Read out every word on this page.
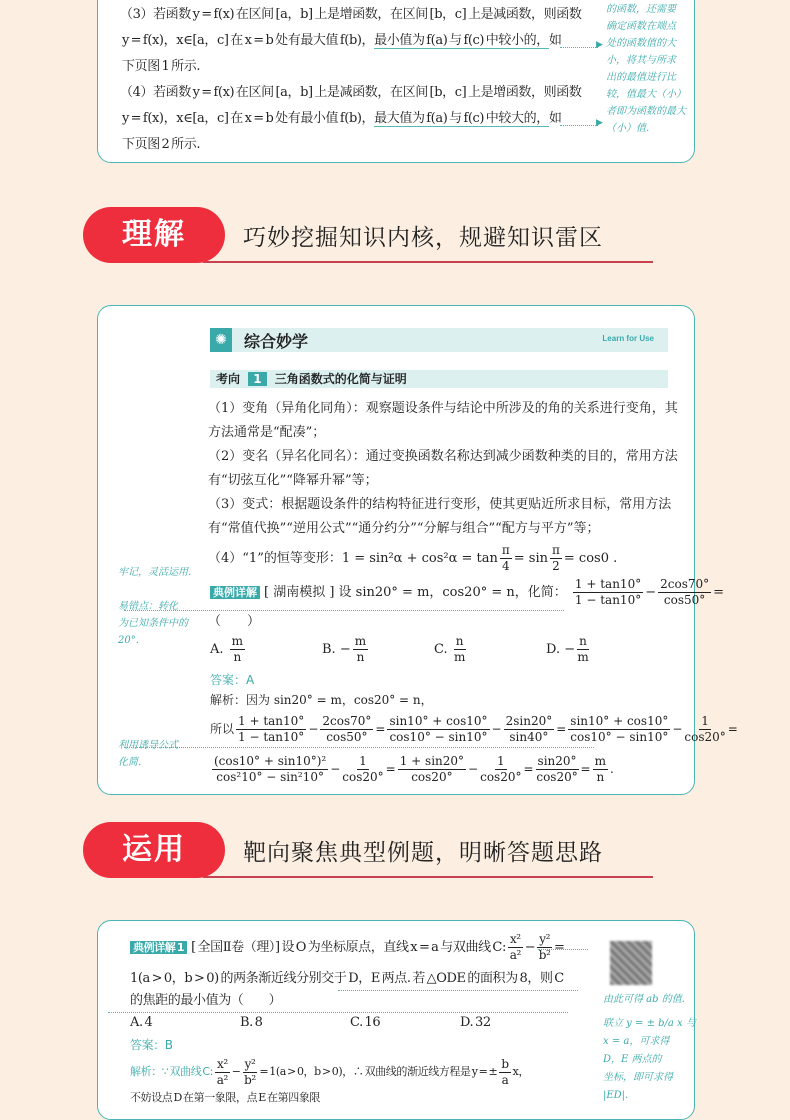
（3）若函数 y = f(x) 在区间 [a，b] 上是增函数，在区间 [b，c] 上是减函数，则函数
y = f(x)，x∈[a，c] 在 x = b 处有最大值 f(b)，最小值为 f(a) 与 f(c) 中较小的，如
下页图 1 所示.
（4）若函数 y = f(x) 在区间 [a，b] 上是减函数，在区间 [b，c] 上是增函数，则函数
y = f(x)，x∈[a，c] 在 x = b 处有最小值 f(b)，最大值为 f(a) 与 f(c) 中较大的，如
下页图 2 所示.
▶
▶
的函数，还需要
确定函数在端点
处的函数值的大
小，将其与所求
出的最值进行比
较，值最大（小）
者即为函数的最大
（小）值.
理解	巧妙挖掘知识内核，规避知识雷区
✺	综合妙学	Learn for Use
考向 1 三角函数式的化简与证明
（1）变角（异角化同角）：观察题设条件与结论中所涉及的角的关系进行变角，其
方法通常是“配凑”；
（2）变名（异名化同名）：通过变换函数名称达到减少函数种类的目的，常用方法
有“切弦互化”“降幂升幂”等；
（3）变式：根据题设条件的结构特征进行变形，使其更贴近所求目标，常用方法
有“常值代换”“逆用公式”“通分约分”“分解与组合”“配方与平方”等；
（4）“1”的恒等变形：$1 = \sin^2\alpha + \cos^2\alpha = \tan \frac{\pi}{4} = \sin \frac{\pi}{2} = \cos 0$ .
典例详解 [ 湖南模拟 ] 设 sin20° = m，cos20° = n，化简： $\frac{1 + \tan 10^\circ}{1 - \tan 10^\circ} - \frac{2\cos 70^\circ}{\cos 50^\circ}$ =
（　　）
A. $\frac{m}{n}$	B. − $\frac{m}{n}$	C. $\frac{n}{m}$	D. − $\frac{n}{m}$
答案：A
解析：因为 sin20° = m，cos20° = n，
所以 $\frac{1 + \tan 10^\circ}{1 - \tan 10^\circ} - \frac{2\cos 70^\circ}{\cos 50^\circ} = \frac{\sin 10^\circ + \cos 10^\circ}{\cos 10^\circ - \sin 10^\circ} - \frac{2\sin 20^\circ}{\sin 40^\circ} = \frac{\sin 10^\circ + \cos 10^\circ}{\cos 10^\circ - \sin 10^\circ} - \frac{1}{\cos 20^\circ}$ =
$\frac{\text{(cos10° + sin10°)²}}{\text{cos²10° − sin²10°}} - \frac{1}{\cos 20^\circ} = \frac{1 + \sin 20^\circ}{\cos 20^\circ} - \frac{1}{\cos 20^\circ} = \frac{\sin 20^\circ}{\cos 20^\circ} = \frac{m}{n}$ .
牢记，灵活运用.
易错点：转化
为已知条件中的
20°.
利用诱导公式
化简.
运用	靶向聚焦典型例题，明晰答题思路
典例详解 1 [ 全国Ⅱ卷（理）] 设 O 为坐标原点，直线 x = a 与双曲线 C: $\frac{\text{x²}}{\text{a²}} - \frac{\text{y²}}{\text{b²}}$ =
1(a > 0，b > 0) 的两条渐近线分别交于 D，E 两点. 若 △ODE 的面积为 8，则 C
的焦距的最小值为（　　）
A. 4	B. 8	C. 16	D. 32
答案：B
解析：∵ 双曲线 C: $\frac{\text{x²}}{\text{a²}} - \frac{\text{y²}}{\text{b²}} = 1(a > 0$，b > 0)，∴ 双曲线的渐近线方程是 y = ± $\frac{b}{a}$ x，
不妨设点 D 在第一象限，点 E 在第四象限
由此可得 ab 的值.
联立 y = ± b/a x 与
x = a，可求得
D，E 两点的
坐标，即可求得
|ED|.
